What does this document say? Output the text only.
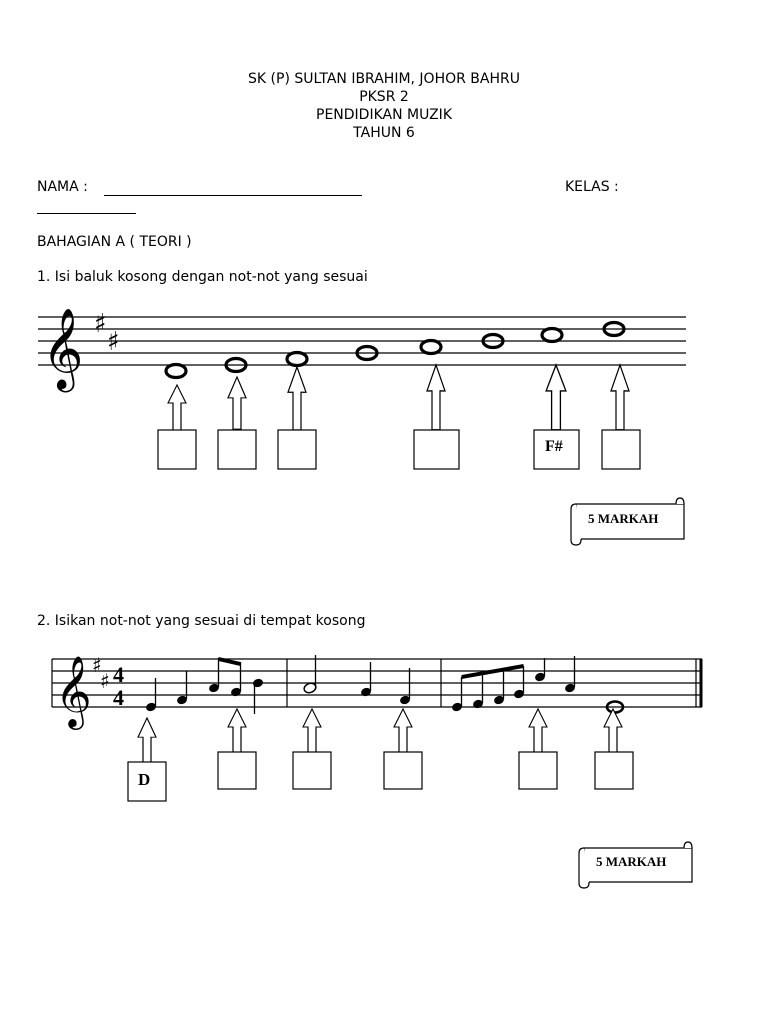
SK (P) SULTAN IBRAHIM, JOHOR BAHRU
PKSR 2
PENDIDIKAN MUZIK
TAHUN 6
NAMA :	KELAS :
BAHAGIAN A ( TEORI )
1. Isi baluk kosong dengan not-not yang sesuai
2. Isikan not-not yang sesuai di tempat kosong
𝄞 ♯
♯
F#
5 MARKAH
𝄞 ♯
♯ 4
4
D
5 MARKAH
